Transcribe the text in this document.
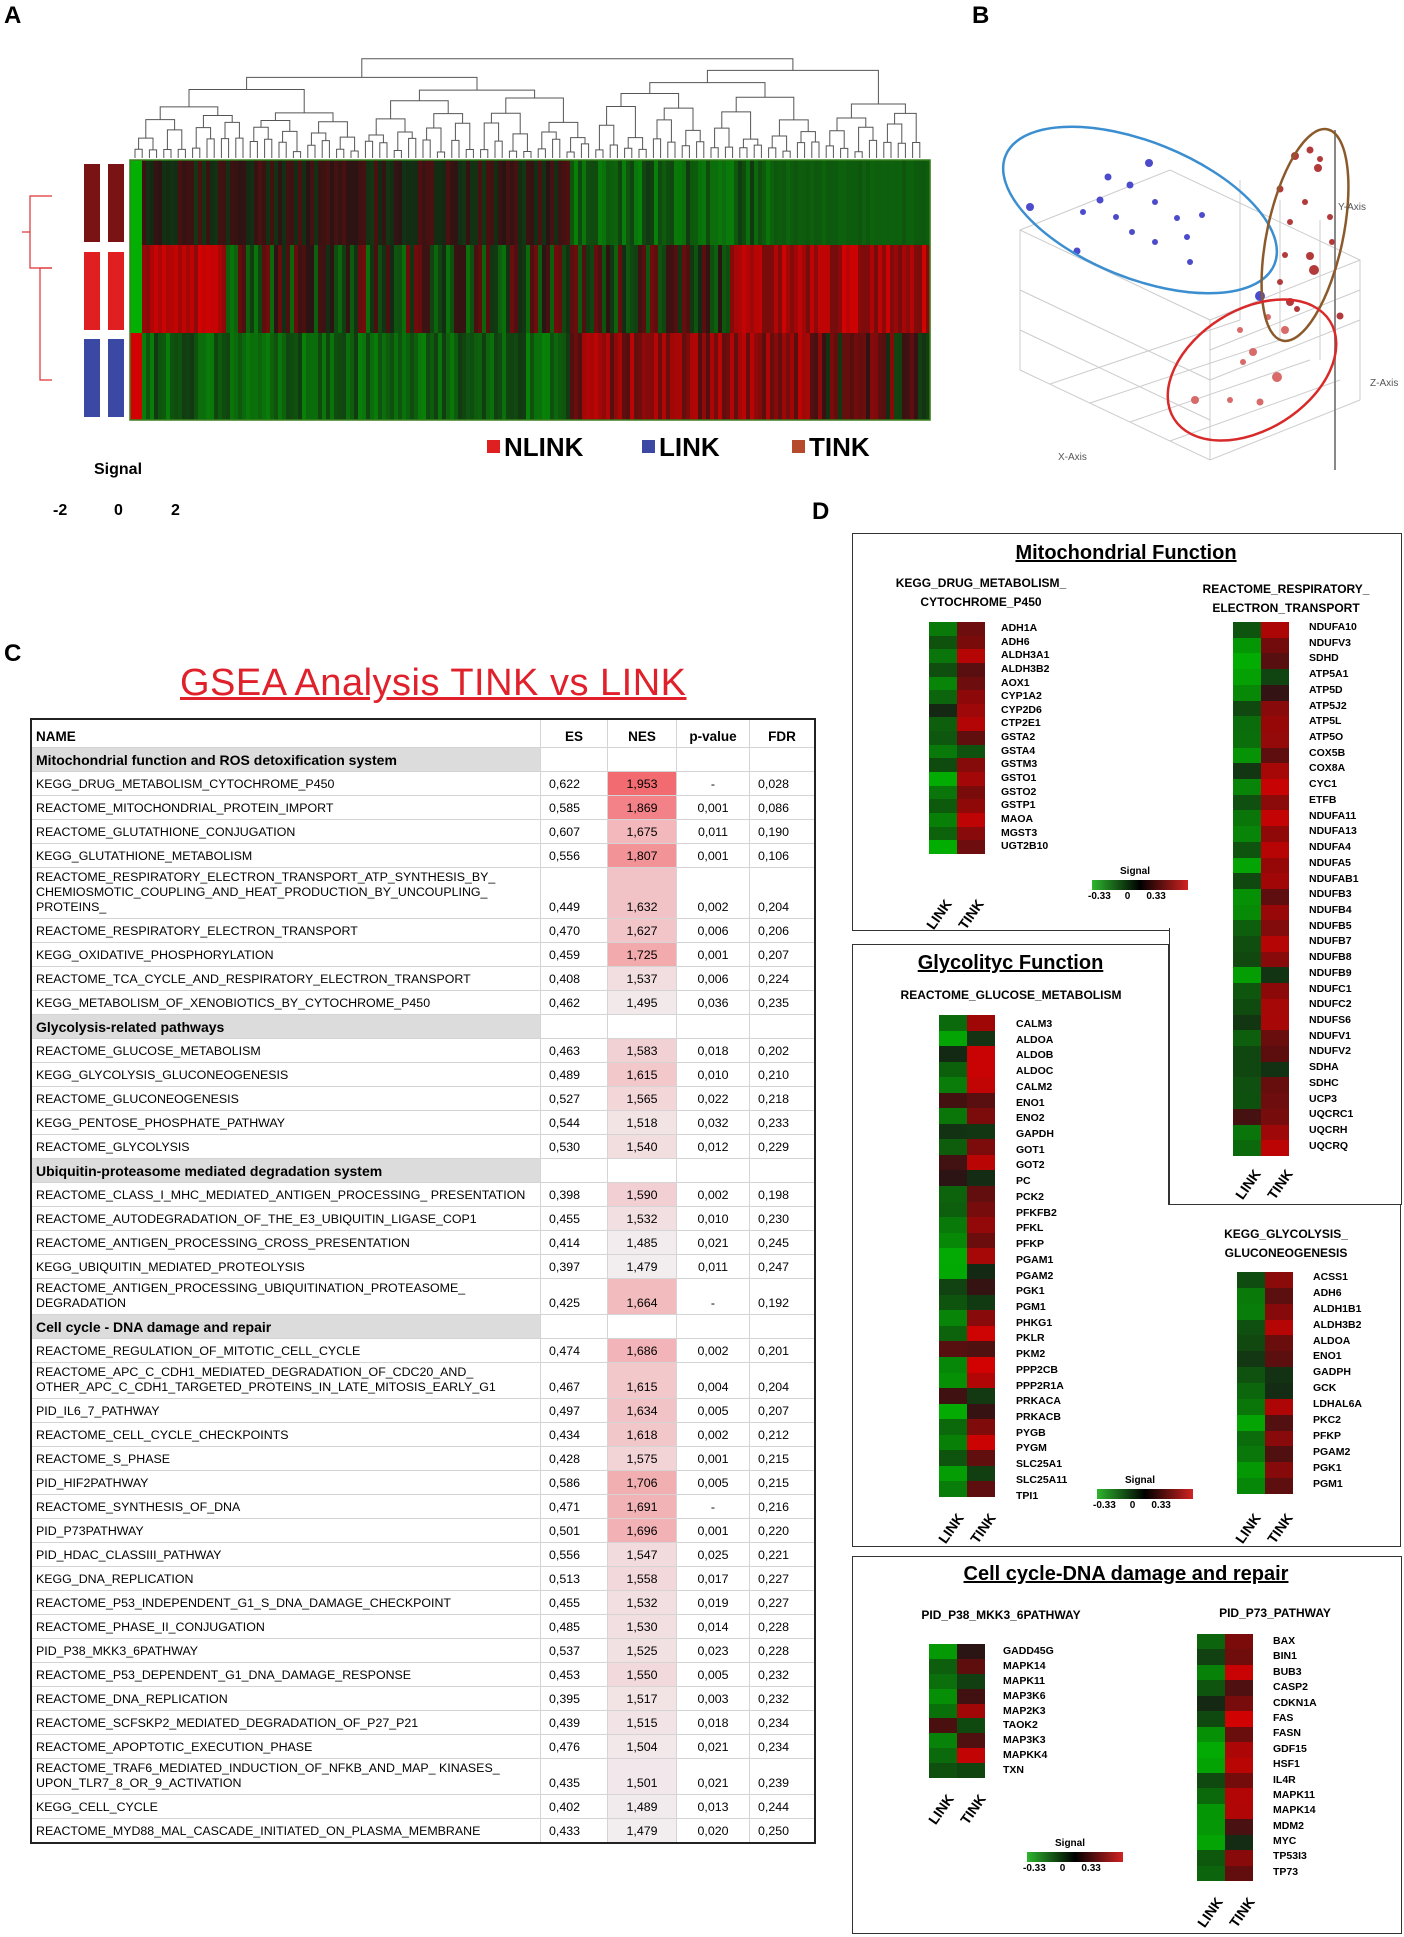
A	B
C
D
Signal
-2	0	2
NLINK	LINK	TINK
Y-Axis
Z-Axis
X-Axis
GSEA Analysis TINK vs LINK
NAME	ES	NES	p-value	FDR
Mitochondrial function and ROS detoxification system				
KEGG_DRUG_METABOLISM_CYTOCHROME_P450	0,622	1,953	-	0,028
REACTOME_MITOCHONDRIAL_PROTEIN_IMPORT	0,585	1,869	0,001	0,086
REACTOME_GLUTATHIONE_CONJUGATION	0,607	1,675	0,011	0,190
KEGG_GLUTATHIONE_METABOLISM	0,556	1,807	0,001	0,106
REACTOME_RESPIRATORY_ELECTRON_TRANSPORT_ATP_SYNTHESIS_BY_ CHEMIOSMOTIC_COUPLING_AND_HEAT_PRODUCTION_BY_UNCOUPLING_ PROTEINS_	0,449	1,632	0,002	0,204
REACTOME_RESPIRATORY_ELECTRON_TRANSPORT	0,470	1,627	0,006	0,206
KEGG_OXIDATIVE_PHOSPHORYLATION	0,459	1,725	0,001	0,207
REACTOME_TCA_CYCLE_AND_RESPIRATORY_ELECTRON_TRANSPORT	0,408	1,537	0,006	0,224
KEGG_METABOLISM_OF_XENOBIOTICS_BY_CYTOCHROME_P450	0,462	1,495	0,036	0,235
Glycolysis-related pathways				
REACTOME_GLUCOSE_METABOLISM	0,463	1,583	0,018	0,202
KEGG_GLYCOLYSIS_GLUCONEOGENESIS	0,489	1,615	0,010	0,210
REACTOME_GLUCONEOGENESIS	0,527	1,565	0,022	0,218
KEGG_PENTOSE_PHOSPHATE_PATHWAY	0,544	1,518	0,032	0,233
REACTOME_GLYCOLYSIS	0,530	1,540	0,012	0,229
Ubiquitin-proteasome mediated degradation system				
REACTOME_CLASS_I_MHC_MEDIATED_ANTIGEN_PROCESSING_ PRESENTATION	0,398	1,590	0,002	0,198
REACTOME_AUTODEGRADATION_OF_THE_E3_UBIQUITIN_LIGASE_COP1	0,455	1,532	0,010	0,230
REACTOME_ANTIGEN_PROCESSING_CROSS_PRESENTATION	0,414	1,485	0,021	0,245
KEGG_UBIQUITIN_MEDIATED_PROTEOLYSIS	0,397	1,479	0,011	0,247
REACTOME_ANTIGEN_PROCESSING_UBIQUITINATION_PROTEASOME_ DEGRADATION	0,425	1,664	-	0,192
Cell cycle - DNA damage and repair				
REACTOME_REGULATION_OF_MITOTIC_CELL_CYCLE	0,474	1,686	0,002	0,201
REACTOME_APC_C_CDH1_MEDIATED_DEGRADATION_OF_CDC20_AND_ OTHER_APC_C_CDH1_TARGETED_PROTEINS_IN_LATE_MITOSIS_EARLY_G1	0,467	1,615	0,004	0,204
PID_IL6_7_PATHWAY	0,497	1,634	0,005	0,207
REACTOME_CELL_CYCLE_CHECKPOINTS	0,434	1,618	0,002	0,212
REACTOME_S_PHASE	0,428	1,575	0,001	0,215
PID_HIF2PATHWAY	0,586	1,706	0,005	0,215
REACTOME_SYNTHESIS_OF_DNA	0,471	1,691	-	0,216
PID_P73PATHWAY	0,501	1,696	0,001	0,220
PID_HDAC_CLASSIII_PATHWAY	0,556	1,547	0,025	0,221
KEGG_DNA_REPLICATION	0,513	1,558	0,017	0,227
REACTOME_P53_INDEPENDENT_G1_S_DNA_DAMAGE_CHECKPOINT	0,455	1,532	0,019	0,227
REACTOME_PHASE_II_CONJUGATION	0,485	1,530	0,014	0,228
PID_P38_MKK3_6PATHWAY	0,537	1,525	0,023	0,228
REACTOME_P53_DEPENDENT_G1_DNA_DAMAGE_RESPONSE	0,453	1,550	0,005	0,232
REACTOME_DNA_REPLICATION	0,395	1,517	0,003	0,232
REACTOME_SCFSKP2_MEDIATED_DEGRADATION_OF_P27_P21	0,439	1,515	0,018	0,234
REACTOME_APOPTOTIC_EXECUTION_PHASE	0,476	1,504	0,021	0,234
REACTOME_TRAF6_MEDIATED_INDUCTION_OF_NFKB_AND_MAP_ KINASES_ UPON_TLR7_8_OR_9_ACTIVATION	0,435	1,501	0,021	0,239
KEGG_CELL_CYCLE	0,402	1,489	0,013	0,244
REACTOME_MYD88_MAL_CASCADE_INITIATED_ON_PLASMA_MEMBRANE	0,433	1,479	0,020	0,250
Mitochondrial Function
KEGG_DRUG_METABOLISM_ CYTOCHROME_P450
REACTOME_RESPIRATORY_ ELECTRON_TRANSPORT
ADH1A
ADH6
ALDH3A1
ALDH3B2
AOX1
CYP1A2
CYP2D6
CTP2E1
GSTA2
GSTA4
GSTM3
GSTO1
GSTO2
GSTP1
MAOA
MGST3
UGT2B10
NDUFA10
NDUFV3
SDHD
ATP5A1
ATP5D
ATP5J2
ATP5L
ATP5O
COX5B
COX8A
CYC1
ETFB
NDUFA11
NDUFA13
NDUFA4
NDUFA5
NDUFAB1
NDUFB3
NDUFB4
NDUFB5
NDUFB7
NDUFB8
NDUFB9
NDUFC1
NDUFC2
NDUFS6
NDUFV1
NDUFV2
SDHA
SDHC
UCP3
UQCRC1
UQCRH
UQCRQ
LINK TINK
LINK TINK
Signal
-0.33 0 0.33
Glycolityc Function
REACTOME_GLUCOSE_METABOLISM
KEGG_GLYCOLYSIS_ GLUCONEOGENESIS
CALM3
ALDOA
ALDOB
ALDOC
CALM2
ENO1
ENO2
GAPDH
GOT1
GOT2
PC
PCK2
PFKFB2
PFKL
PFKP
PGAM1
PGAM2
PGK1
PGM1
PHKG1
PKLR
PKM2
PPP2CB
PPP2R1A
PRKACA
PRKACB
PYGB
PYGM
SLC25A1
SLC25A11
TPI1
ACSS1
ADH6
ALDH1B1
ALDH3B2
ALDOA
ENO1
GADPH
GCK
LDHAL6A
PKC2
PFKP
PGAM2
PGK1
PGM1
LINK TINK	LINK TINK
Signal
-0.33 0 0.33
Cell cycle-DNA damage and repair
PID_P38_MKK3_6PATHWAY	PID_P73_PATHWAY
GADD45G
MAPK14
MAPK11
MAP3K6
MAP2K3
TAOK2
MAP3K3
MAPKK4
TXN
BAX
BIN1
BUB3
CASP2
CDKN1A
FAS
FASN
GDF15
HSF1
IL4R
MAPK11
MAPK14
MDM2
MYC
TP53I3
TP73
LINK TINK
LINK TINK
Signal
-0.33 0 0.33
